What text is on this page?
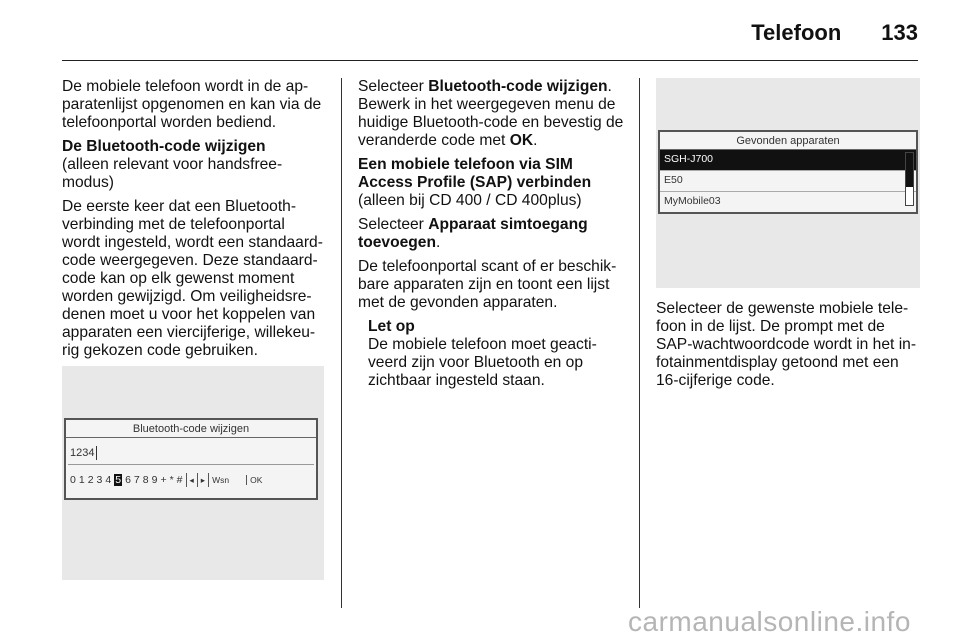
Telefoon 133

De mobiele telefoon wordt in de apparatenlijst opgenomen en kan via de telefoonportal worden bediend.

De Bluetooth-code wijzigen
(alleen relevant voor handsfree-modus)

De eerste keer dat een Bluetooth-verbinding met de telefoonportal wordt ingesteld, wordt een standaard-code weergegeven. Deze standaard-code kan op elk gewenst moment worden gewijzigd. Om veiligheidsre-denen moet u voor het koppelen van apparaten een viercijferige, willekeu-rig gekozen code gebruiken.

Bluetooth-code wijzigen
1234
0 1 2 3 4 5 6 7 8 9 + * # ◂ ▸ Wsn	OK

Selecteer Bluetooth-code wijzigen. Bewerk in het weergegeven menu de huidige Bluetooth-code en bevestig de veranderde code met OK.

Een mobiele telefoon via SIM Access Profile (SAP) verbinden
(alleen bij CD 400 / CD 400plus)

Selecteer Apparaat simtoegang toevoegen.

De telefoonportal scant of er beschik-bare apparaten zijn en toont een lijst met de gevonden apparaten.

Let op
De mobiele telefoon moet geacti-veerd zijn voor Bluetooth en op zichtbaar ingesteld staan.
Gevonden apparaten
SGH-J700
E50
MyMobile03

Selecteer de gewenste mobiele tele-foon in de lijst. De prompt met de SAP-wachtwoordcode wordt in het in-fotainmentdisplay getoond met een 16-cijferige code.

carmanualsonline.info
